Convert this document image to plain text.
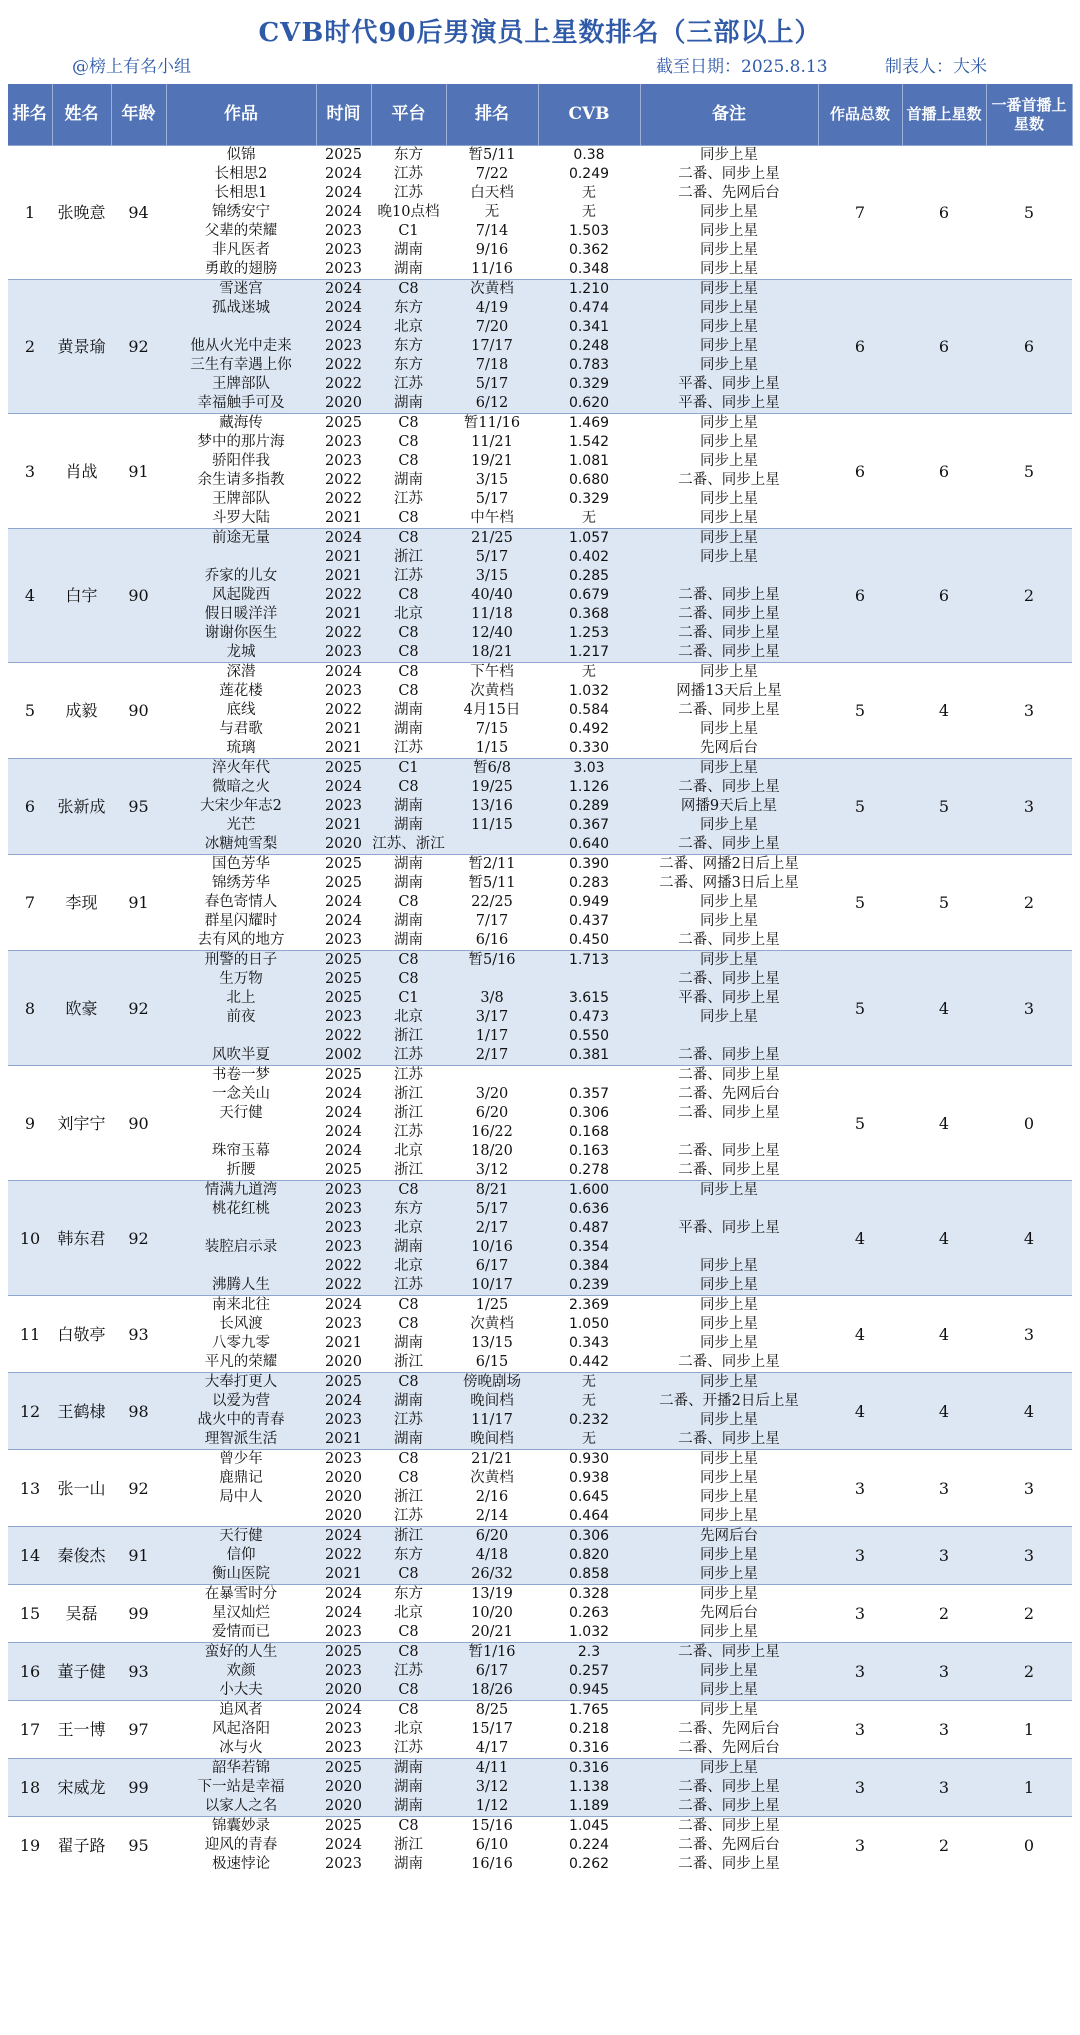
CVB时代90后男演员上星数排名（三部以上）
@榜上有名小组	截至日期：2025.8.13	制表人：大米
排名	姓名	年龄	作品	时间	平台	排名	CVB	备注	作品总数	首播上星数	一番首播上星数
1	张晚意	94	似锦	2025	东方	暂5/11	0.38	同步上星	7	6	5
			长相思2	2024	江苏	7/22	0.249	二番、同步上星			
			长相思1	2024	江苏	白天档	无	二番、先网后台			
			锦绣安宁	2024	晚10点档	无	无	同步上星			
			父辈的荣耀	2023	C1	7/14	1.503	同步上星			
			非凡医者	2023	湖南	9/16	0.362	同步上星			
			勇敢的翅膀	2023	湖南	11/16	0.348	同步上星			
2	黄景瑜	92	雪迷宫	2024	C8	次黄档	1.210	同步上星	6	6	6
			孤战迷城	2024	东方	4/19	0.474	同步上星			
				2024	北京	7/20	0.341	同步上星			
			他从火光中走来	2023	东方	17/17	0.248	同步上星			
			三生有幸遇上你	2022	东方	7/18	0.783	同步上星			
			王牌部队	2022	江苏	5/17	0.329	平番、同步上星			
			幸福触手可及	2020	湖南	6/12	0.620	平番、同步上星			
3	肖战	91	藏海传	2025	C8	暂11/16	1.469	同步上星	6	6	5
			梦中的那片海	2023	C8	11/21	1.542	同步上星			
			骄阳伴我	2023	C8	19/21	1.081	同步上星			
			余生请多指教	2022	湖南	3/15	0.680	二番、同步上星			
			王牌部队	2022	江苏	5/17	0.329	同步上星			
			斗罗大陆	2021	C8	中午档	无	同步上星			
4	白宇	90	前途无量	2024	C8	21/25	1.057	同步上星	6	6	2
				2021	浙江	5/17	0.402	同步上星			
			乔家的儿女	2021	江苏	3/15	0.285				
			风起陇西	2022	C8	40/40	0.679	二番、同步上星			
			假日暖洋洋	2021	北京	11/18	0.368	二番、同步上星			
			谢谢你医生	2022	C8	12/40	1.253	二番、同步上星			
			龙城	2023	C8	18/21	1.217	二番、同步上星			
5	成毅	90	深潜	2024	C8	下午档	无	同步上星	5	4	3
			莲花楼	2023	C8	次黄档	1.032	网播13天后上星			
			底线	2022	湖南	4月15日	0.584	二番、同步上星			
			与君歌	2021	湖南	7/15	0.492	同步上星			
			琉璃	2021	江苏	1/15	0.330	先网后台			
6	张新成	95	淬火年代	2025	C1	暂6/8	3.03	同步上星	5	5	3
			微暗之火	2024	C8	19/25	1.126	二番、同步上星			
			大宋少年志2	2023	湖南	13/16	0.289	网播9天后上星			
			光芒	2021	湖南	11/15	0.367	同步上星			
			冰糖炖雪梨	2020	江苏、浙江		0.640	二番、同步上星			
7	李现	91	国色芳华	2025	湖南	暂2/11	0.390	二番、网播2日后上星	5	5	2
			锦绣芳华	2025	湖南	暂5/11	0.283	二番、网播3日后上星			
			春色寄情人	2024	C8	22/25	0.949	同步上星			
			群星闪耀时	2024	湖南	7/17	0.437	同步上星			
			去有风的地方	2023	湖南	6/16	0.450	二番、同步上星			
8	欧豪	92	刑警的日子	2025	C8	暂5/16	1.713	同步上星	5	4	3
			生万物	2025	C8			二番、同步上星			
			北上	2025	C1	3/8	3.615	平番、同步上星			
			前夜	2023	北京	3/17	0.473	同步上星			
				2022	浙江	1/17	0.550				
			风吹半夏	2002	江苏	2/17	0.381	二番、同步上星			
9	刘宇宁	90	书卷一梦	2025	江苏			二番、同步上星	5	4	0
			一念关山	2024	浙江	3/20	0.357	二番、先网后台			
			天行健	2024	浙江	6/20	0.306	二番、同步上星			
				2024	江苏	16/22	0.168				
			珠帘玉幕	2024	北京	18/20	0.163	二番、同步上星			
			折腰	2025	浙江	3/12	0.278	二番、同步上星			
10	韩东君	92	情满九道湾	2023	C8	8/21	1.600	同步上星	4	4	4
			桃花红桃	2023	东方	5/17	0.636				
				2023	北京	2/17	0.487	平番、同步上星			
			装腔启示录	2023	湖南	10/16	0.354				
				2022	北京	6/17	0.384	同步上星			
			沸腾人生	2022	江苏	10/17	0.239	同步上星			
11	白敬亭	93	南来北往	2024	C8	1/25	2.369	同步上星	4	4	3
			长风渡	2023	C8	次黄档	1.050	同步上星			
			八零九零	2021	湖南	13/15	0.343	同步上星			
			平凡的荣耀	2020	浙江	6/15	0.442	二番、同步上星			
12	王鹤棣	98	大奉打更人	2025	C8	傍晚剧场	无	同步上星	4	4	4
			以爱为营	2024	湖南	晚间档	无	二番、开播2日后上星			
			战火中的青春	2023	江苏	11/17	0.232	同步上星			
			理智派生活	2021	湖南	晚间档	无	二番、同步上星			
13	张一山	92	曾少年	2023	C8	21/21	0.930	同步上星	3	3	3
			鹿鼎记	2020	C8	次黄档	0.938	同步上星			
			局中人	2020	浙江	2/16	0.645	同步上星			
				2020	江苏	2/14	0.464	同步上星			
14	秦俊杰	91	天行健	2024	浙江	6/20	0.306	先网后台	3	3	3
			信仰	2022	东方	4/18	0.820	同步上星			
			衡山医院	2021	C8	26/32	0.858	同步上星			
15	吴磊	99	在暴雪时分	2024	东方	13/19	0.328	同步上星	3	2	2
			星汉灿烂	2024	北京	10/20	0.263	先网后台			
			爱情而已	2023	C8	20/21	1.032	同步上星			
16	董子健	93	蛮好的人生	2025	C8	暂1/16	2.3	二番、同步上星	3	3	2
			欢颜	2023	江苏	6/17	0.257	同步上星			
			小大夫	2020	C8	18/26	0.945	同步上星			
17	王一博	97	追风者	2024	C8	8/25	1.765	同步上星	3	3	1
			风起洛阳	2023	北京	15/17	0.218	二番、先网后台			
			冰与火	2023	江苏	4/17	0.316	二番、先网后台			
18	宋威龙	99	韶华若锦	2025	湖南	4/11	0.316	同步上星	3	3	1
			下一站是幸福	2020	湖南	3/12	1.138	二番、同步上星			
			以家人之名	2020	湖南	1/12	1.189	二番、同步上星			
19	翟子路	95	锦囊妙录	2025	C8	15/16	1.045	二番、同步上星	3	2	0
			迎风的青春	2024	浙江	6/10	0.224	二番、先网后台			
			极速悖论	2023	湖南	16/16	0.262	二番、同步上星			
